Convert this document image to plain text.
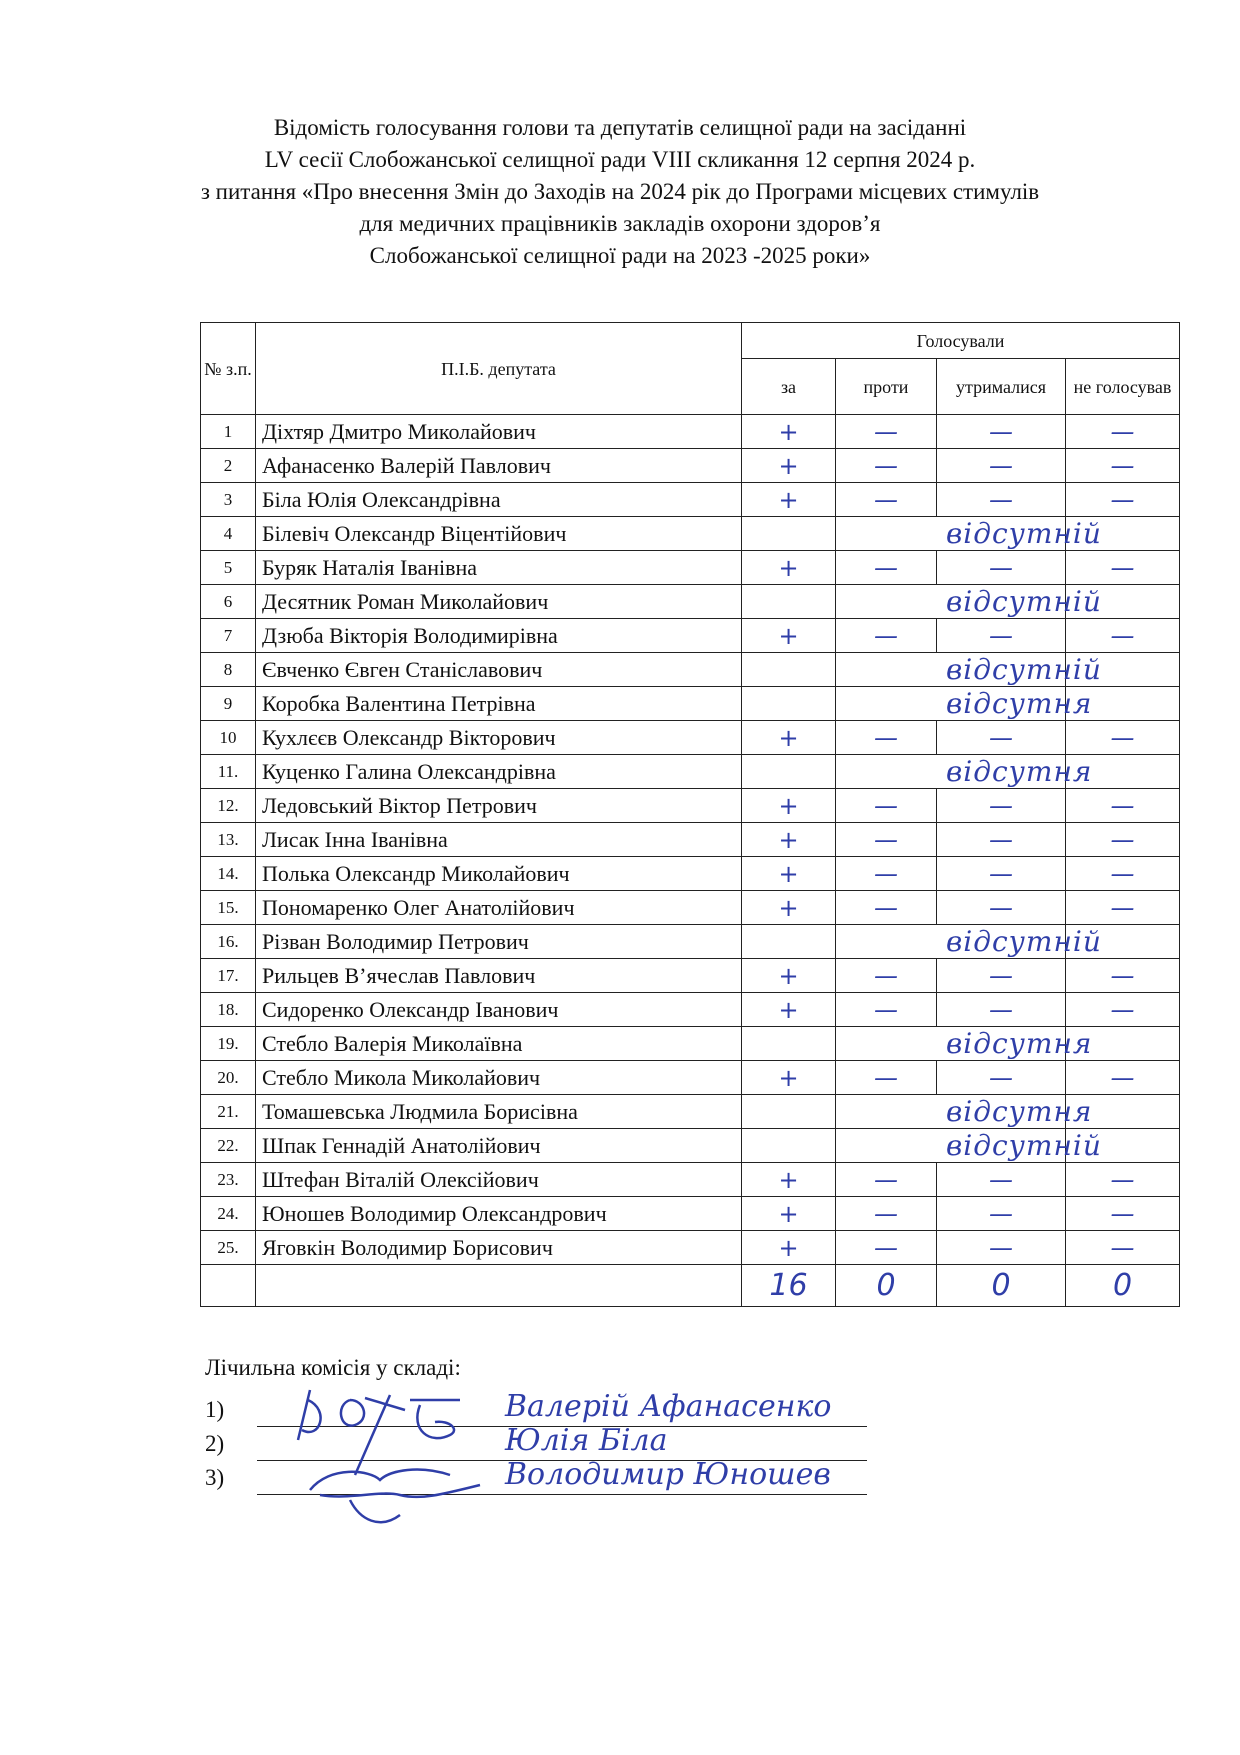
Відомість голосування голови та депутатів селищної ради на засіданні
LV сесії Слобожанської селищної ради VIII скликання 12 серпня 2024 р.
з питання «Про внесення Змін до Заходів на 2024 рік до Програми місцевих стимулів
для медичних працівників закладів охорони здоров’я
Слобожанської селищної ради на 2023 -2025 роки»
№ з.п.	П.І.Б. депутата	Голосували			
		за	проти	утрималися	не голосував
1	Діхтяр Дмитро Миколайович	+	—	—	—
2	Афанасенко Валерій Павлович	+	—	—	—
3	Біла Юлія Олександрівна	+	—	—	—
4	Білевіч Олександр Віцентійович		відсутній		
5	Буряк Наталія Іванівна	+	—	—	—
6	Десятник Роман Миколайович		відсутній		
7	Дзюба Вікторія Володимирівна	+	—	—	—
8	Євченко Євген Станіславович		відсутній		
9	Коробка Валентина Петрівна		відсутня		
10	Кухлєєв Олександр Вікторович	+	—	—	—
11.	Куценко Галина Олександрівна		відсутня		
12.	Ледовський Віктор Петрович	+	—	—	—
13.	Лисак Інна Іванівна	+	—	—	—
14.	Полька Олександр Миколайович	+	—	—	—
15.	Пономаренко Олег Анатолійович	+	—	—	—
16.	Різван Володимир Петрович		відсутній		
17.	Рильцев В’ячеслав Павлович	+	—	—	—
18.	Сидоренко Олександр Іванович	+	—	—	—
19.	Стебло Валерія Миколаївна		відсутня		
20.	Стебло Микола Миколайович	+	—	—	—
21.	Томашевська Людмила Борисівна		відсутня		
22.	Шпак Геннадій Анатолійович		відсутній		
23.	Штефан Віталій Олексійович	+	—	—	—
24.	Юношев Володимир Олександрович	+	—	—	—
25.	Яговкін Володимир Борисович	+	—	—	—
		16	0	0	0
Лічильна комісія у складі:
1)	Валерій Афанасенко
2)	Юлія Біла
3)	Володимир Юношев
